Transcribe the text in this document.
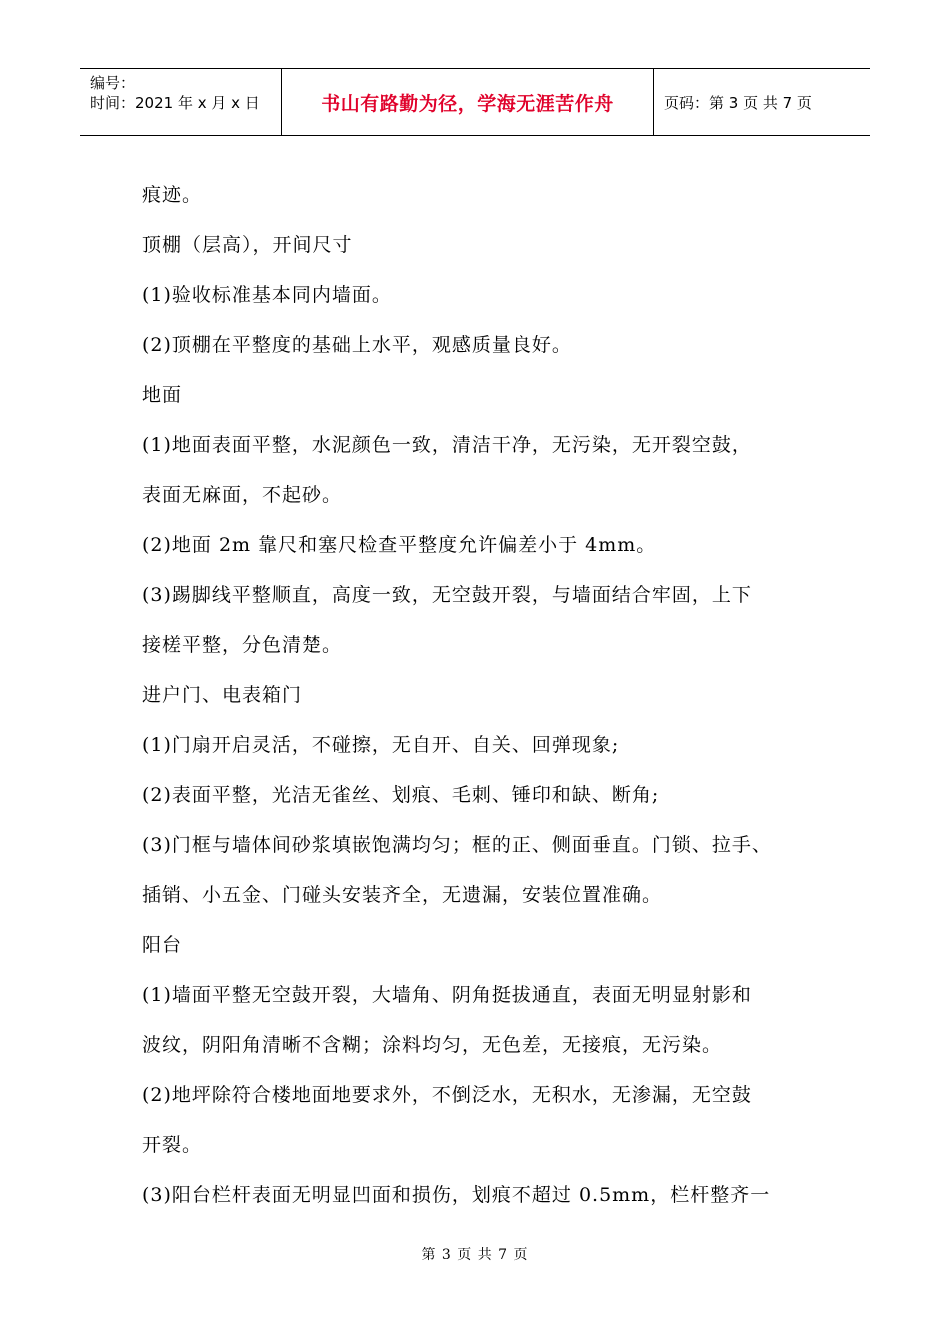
编号：
时间：2021 年 x 月 x 日	书山有路勤为径，学海无涯苦作舟	页码：第 3 页 共 7 页
痕迹。
顶棚（层高），开间尺寸
(1)验收标准基本同内墙面。
(2)顶棚在平整度的基础上水平，观感质量良好。
地面
(1)地面表面平整，水泥颜色一致，清洁干净，无污染，无开裂空鼓，
表面无麻面，不起砂。
(2)地面 2m 靠尺和塞尺检查平整度允许偏差小于 4mm。
(3)踢脚线平整顺直，高度一致，无空鼓开裂，与墙面结合牢固，上下
接槎平整，分色清楚。
进户门、电表箱门
(1)门扇开启灵活，不碰擦，无自开、自关、回弹现象;
(2)表面平整，光洁无雀丝、划痕、毛刺、锤印和缺、断角;
(3)门框与墙体间砂浆填嵌饱满均匀；框的正、侧面垂直。门锁、拉手、
插销、小五金、门碰头安装齐全，无遗漏，安装位置准确。
阳台
(1)墙面平整无空鼓开裂，大墙角、阴角挺拔通直，表面无明显射影和
波纹，阴阳角清晰不含糊；涂料均匀，无色差，无接痕，无污染。
(2)地坪除符合楼地面地要求外，不倒泛水，无积水，无渗漏，无空鼓
开裂。
(3)阳台栏杆表面无明显凹面和损伤，划痕不超过 0.5mm，栏杆整齐一
第 3 页 共 7 页
